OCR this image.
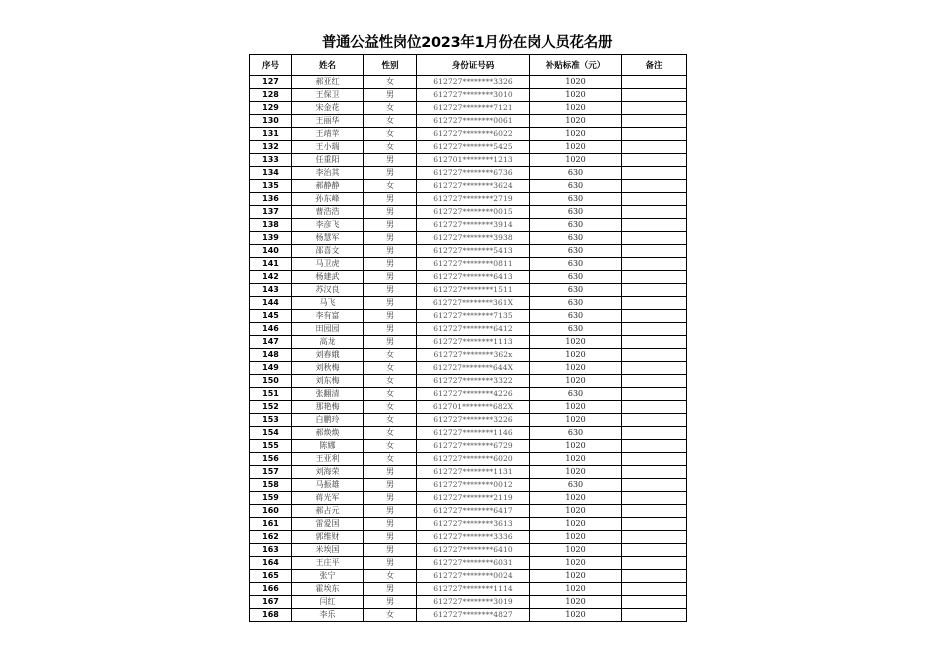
普通公益性岗位2023年1月份在岗人员花名册
序号	姓名	性别	身份证号码	补贴标准（元）	备注
127	郝亚红	女	612727********3326	1020	
128	王保卫	男	612727********3010	1020	
129	宋金花	女	612727********7121	1020	
130	王丽华	女	612727********0061	1020	
131	王靖苹	女	612727********6022	1020	
132	王小瑞	女	612727********5425	1020	
133	任重阳	男	612701********1213	1020	
134	李治其	男	612727********6736	630	
135	郝静静	女	612727********3624	630	
136	孙东峰	男	612727********2719	630	
137	曹浩浩	男	612727********0015	630	
138	李彦飞	男	612727********3914	630	
139	杨慧军	男	612727********3938	630	
140	邵喜文	男	612727********5413	630	
141	马卫虎	男	612727********0811	630	
142	杨建武	男	612727********6413	630	
143	苏汉良	男	612727********1511	630	
144	马飞	男	612727********361X	630	
145	李有富	男	612727********7135	630	
146	田园园	男	612727********6412	630	
147	高龙	男	612727********1113	1020	
148	刘春娥	女	612727********362x	1020	
149	刘秋梅	女	612727********644X	1020	
150	刘东梅	女	612727********3322	1020	
151	张翻清	女	612727********4226	630	
152	那艳梅	女	612701********682X	1020	
153	白鹏玲	女	612727********3226	1020	
154	郝焕焕	女	612727********1146	630	
155	陈娜	女	612727********6729	1020	
156	王亚利	女	612727********6020	1020	
157	刘海荣	男	612727********1131	1020	
158	马振雄	男	612727********0012	630	
159	蒋光军	男	612727********2119	1020	
160	郝占元	男	612727********6417	1020	
161	雷爱国	男	612727********3613	1020	
162	郭维财	男	612727********3336	1020	
163	米埃国	男	612727********6410	1020	
164	王庄平	男	612727********6031	1020	
165	张宁	女	612727********0024	1020	
166	霍埃东	男	612727********1114	1020	
167	闫红	男	612727********3019	1020	
168	李乐	女	612727********4827	1020	
